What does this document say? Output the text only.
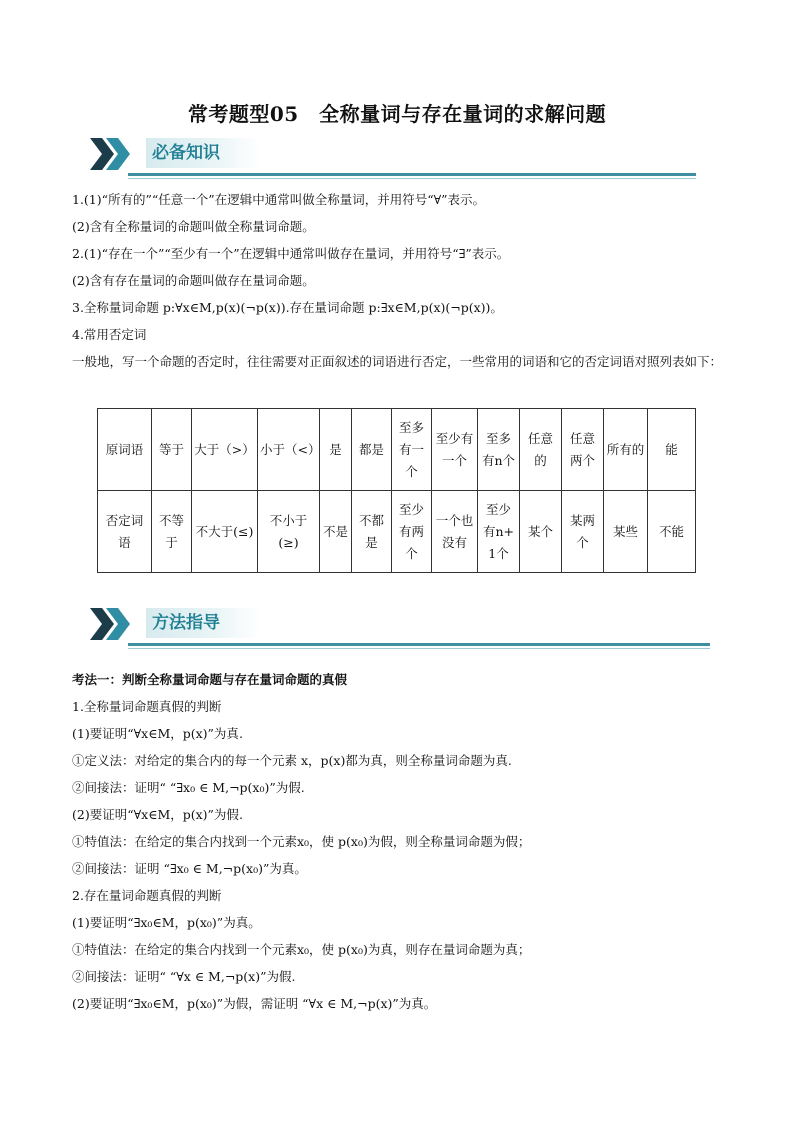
常考题型05　全称量词与存在量词的求解问题
必备知识
1.(1)“所有的”“任意一个”在逻辑中通常叫做全称量词，并用符号“∀”表示。
(2)含有全称量词的命题叫做全称量词命题。
2.(1)“存在一个”“至少有一个”在逻辑中通常叫做存在量词，并用符号“∃”表示。
(2)含有存在量词的命题叫做存在量词命题。
3.全称量词命题 p:∀x∈M,p(x)(¬p(x)).存在量词命题 p:∃x∈M,p(x)(¬p(x))。
4.常用否定词
一般地，写一个命题的否定时，往往需要对正面叙述的词语进行否定，一些常用的词语和它的否定词语对照列表如下：
原词语	等于	大于（>）	小于（<）	是	都是	至多有一个	至少有一个	至多有n个	任意的	任意两个	所有的	能
否定词语	不等于	不大于(≤)	不小于(≥)	不是	不都是	至少有两个	一个也没有	至少有n+1个	某个	某两个	某些	不能
方法指导
考法一：判断全称量词命题与存在量词命题的真假
1.全称量词命题真假的判断
(1)要证明“∀x∈M，p(x)”为真.
①定义法：对给定的集合内的每一个元素 x，p(x)都为真，则全称量词命题为真.
②间接法：证明“ “∃x₀ ∈ M,¬p(x₀)”为假.
(2)要证明“∀x∈M，p(x)”为假.
①特值法：在给定的集合内找到一个元素x₀，使 p(x₀)为假，则全称量词命题为假；
②间接法：证明 “∃x₀ ∈ M,¬p(x₀)”为真。
2.存在量词命题真假的判断
(1)要证明“∃x₀∈M，p(x₀)”为真。
①特值法：在给定的集合内找到一个元素x₀，使 p(x₀)为真，则存在量词命题为真；
②间接法：证明“ “∀x ∈ M,¬p(x)”为假.
(2)要证明“∃x₀∈M，p(x₀)”为假，需证明 “∀x ∈ M,¬p(x)”为真。
